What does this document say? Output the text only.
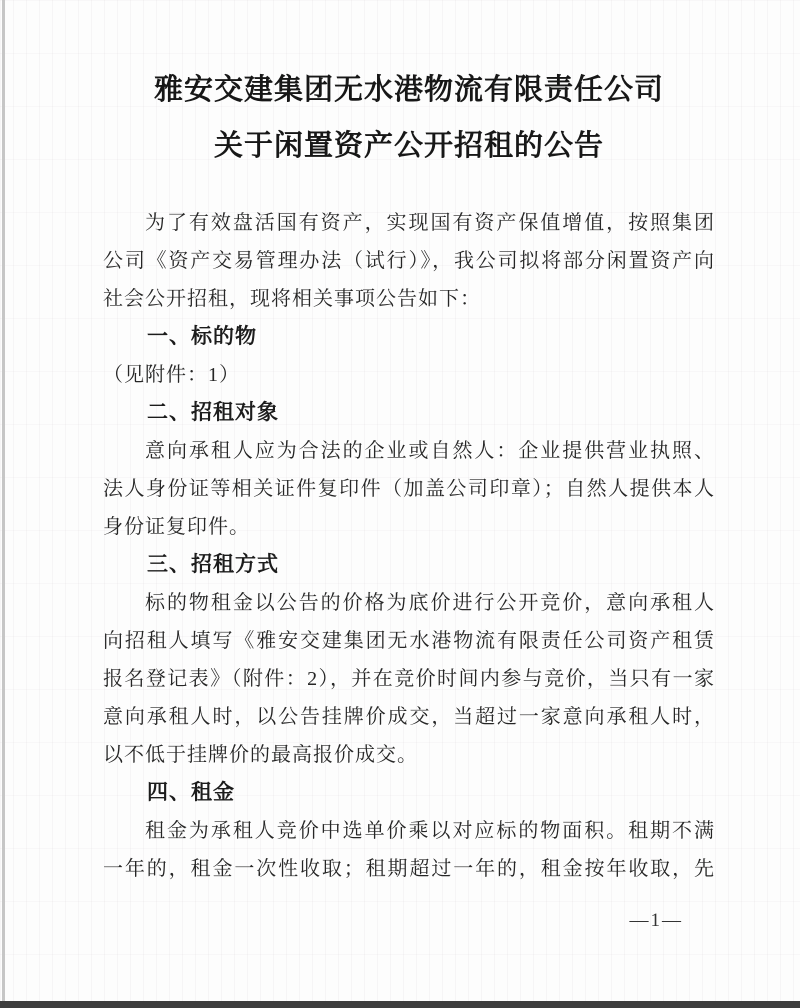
雅安交建集团无水港物流有限责任公司
关于闲置资产公开招租的公告
为了有效盘活国有资产，实现国有资产保值增值，按照集团
公司《资产交易管理办法（试行）》，我公司拟将部分闲置资产向
社会公开招租，现将相关事项公告如下：
一、标的物
（见附件：1）
二、招租对象
意向承租人应为合法的企业或自然人：企业提供营业执照、
法人身份证等相关证件复印件（加盖公司印章）；自然人提供本人
身份证复印件。
三、招租方式
标的物租金以公告的价格为底价进行公开竞价，意向承租人
向招租人填写《雅安交建集团无水港物流有限责任公司资产租赁
报名登记表》（附件：2），并在竞价时间内参与竞价，当只有一家
意向承租人时，以公告挂牌价成交，当超过一家意向承租人时，
以不低于挂牌价的最高报价成交。
四、租金
租金为承租人竞价中选单价乘以对应标的物面积。租期不满
一年的，租金一次性收取；租期超过一年的，租金按年收取，先
—1—
